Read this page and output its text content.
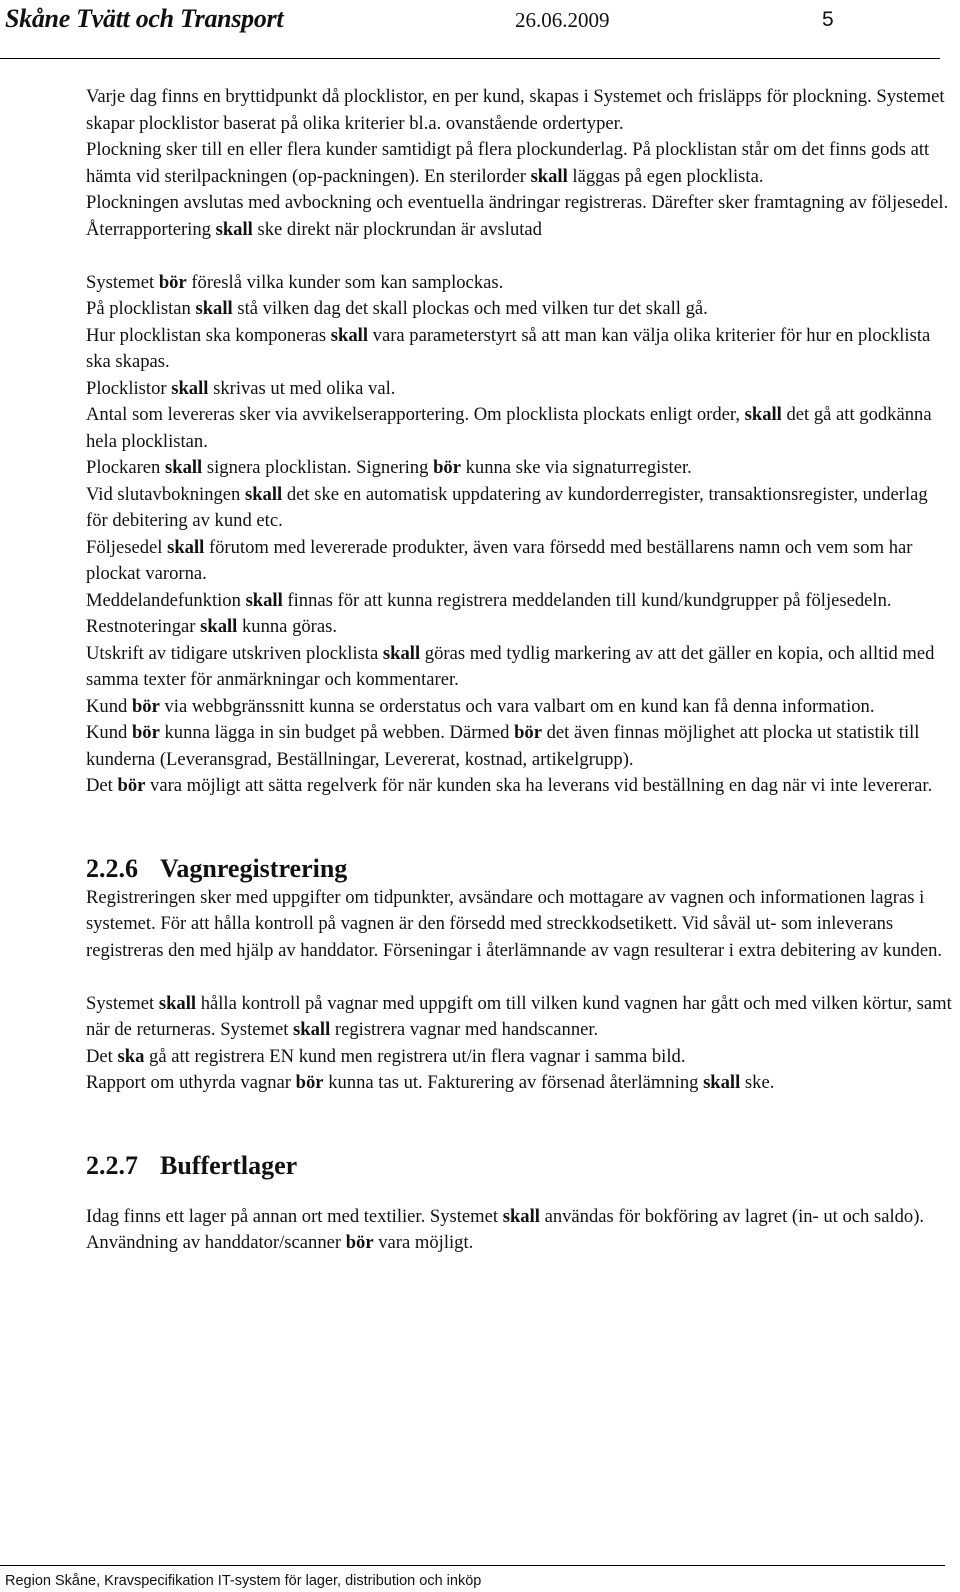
Skåne Tvätt och Transport	26.06.2009	5

Varje dag finns en bryttidpunkt då plocklistor, en per kund, skapas i Systemet och frisläpps för plockning. Systemet skapar plocklistor baserat på olika kriterier bl.a. ovanstående ordertyper.

Plockning sker till en eller flera kunder samtidigt på flera plockunderlag. På plocklistan står om det finns gods att hämta vid sterilpackningen (op-packningen). En sterilorder skall läggas på egen plocklista.

Plockningen avslutas med avbockning och eventuella ändringar registreras. Därefter sker framtagning av följesedel.

Återrapportering skall ske direkt när plockrundan är avslutad

Systemet bör föreslå vilka kunder som kan samplockas.

På plocklistan skall stå vilken dag det skall plockas och med vilken tur det skall gå.

Hur plocklistan ska komponeras skall vara parameterstyrt så att man kan välja olika kriterier för hur en plocklista ska skapas.

Plocklistor skall skrivas ut med olika val.

Antal som levereras sker via avvikelserapportering. Om plocklista plockats enligt order, skall det gå att godkänna hela plocklistan.

Plockaren skall signera plocklistan. Signering bör kunna ske via signaturregister.

Vid slutavbokningen skall det ske en automatisk uppdatering av kundorderregister, transaktionsregister, underlag för debitering av kund etc.

Följesedel skall förutom med levererade produkter, även vara försedd med beställarens namn och vem som har plockat varorna.

Meddelandefunktion skall finnas för att kunna registrera meddelanden till kund/kundgrupper på följesedeln.

Restnoteringar skall kunna göras.

Utskrift av tidigare utskriven plocklista skall göras med tydlig markering av att det gäller en kopia, och alltid med samma texter för anmärkningar och kommentarer.

Kund bör via webbgränssnitt kunna se orderstatus och vara valbart om en kund kan få denna information.

Kund bör kunna lägga in sin budget på webben. Därmed bör det även finnas möjlighet att plocka ut statistik till kunderna (Leveransgrad, Beställningar, Levererat, kostnad, artikelgrupp).

Det bör vara möjligt att sätta regelverk för när kunden ska ha leverans vid beställning en dag när vi inte levererar.

2.2.6 Vagnregistrering

Registreringen sker med uppgifter om tidpunkter, avsändare och mottagare av vagnen och informationen lagras i systemet. För att hålla kontroll på vagnen är den försedd med streckkodsetikett. Vid såväl ut- som inleverans registreras den med hjälp av handdator. Förseningar i återlämnande av vagn resulterar i extra debitering av kunden.

Systemet skall hålla kontroll på vagnar med uppgift om till vilken kund vagnen har gått och med vilken körtur, samt när de returneras. Systemet skall registrera vagnar med handscanner.

Det ska gå att registrera EN kund men registrera ut/in flera vagnar i samma bild.

Rapport om uthyrda vagnar bör kunna tas ut. Fakturering av försenad återlämning skall ske.

2.2.7 Buffertlager

Idag finns ett lager på annan ort med textilier. Systemet skall användas för bokföring av lagret (in- ut och saldo). Användning av handdator/scanner bör vara möjligt.

Region Skåne, Kravspecifikation IT-system för lager, distribution och inköp
